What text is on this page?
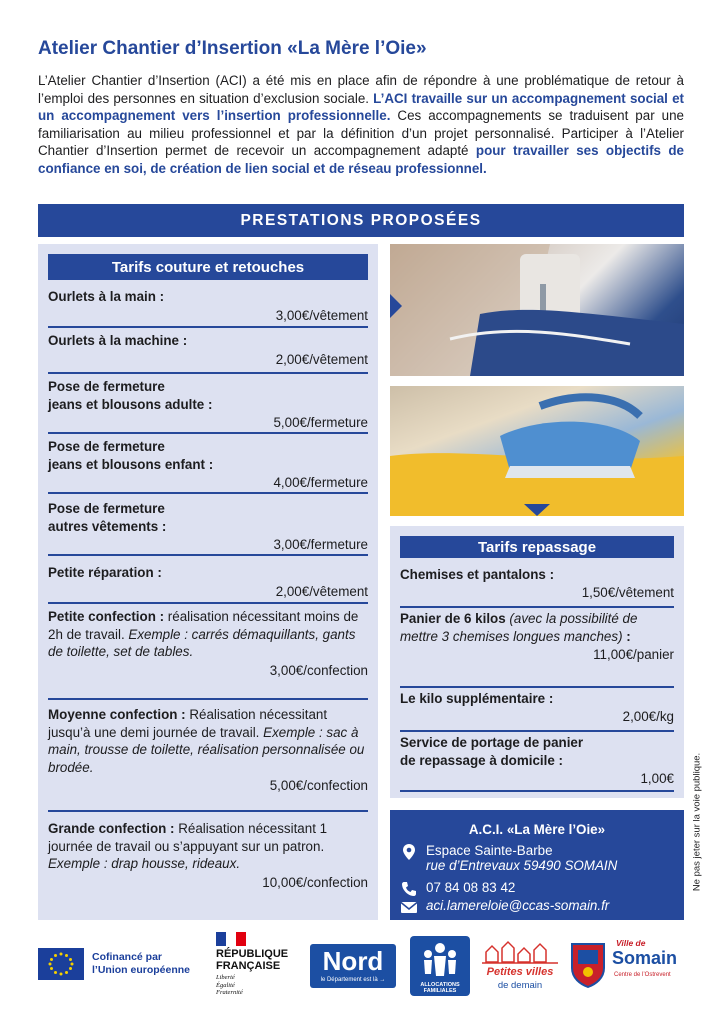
Atelier Chantier d’Insertion «La Mère l’Oie»

L’Atelier Chantier d’Insertion (ACI) a été mis en place afin de répondre à une problématique de retour à l’emploi des personnes en situation d’exclusion sociale. L’ACI travaille sur un accompagnement social et un accompagnement vers l’insertion professionnelle. Ces accompagnements se traduisent par une familiarisation au milieu professionnel et par la définition d’un projet personnalisé. Participer à l’Atelier Chantier d’Insertion permet de recevoir un accompagnement adapté pour travailler ses objectifs de confiance en soi, de création de lien social et de réseau professionnel.

PRESTATIONS PROPOSÉES
Tarifs couture et retouches
Ourlets à la main :
3,00€/vêtement
Ourlets à la machine :
2,00€/vêtement
Pose de fermeture
jeans et blousons adulte :
5,00€/fermeture
Pose de fermeture
jeans et blousons enfant :
4,00€/fermeture
Pose de fermeture
autres vêtements :
3,00€/fermeture
Petite réparation :
2,00€/vêtement
Petite confection : réalisation nécessitant moins de 2h de travail. Exemple : carrés démaquillants, gants de toilette, set de tables.
3,00€/confection
Moyenne confection : Réalisation nécessitant jusqu’à une demi journée de travail. Exemple : sac à main, trousse de toilette, réalisation personnalisée ou brodée.
5,00€/confection
Grande confection : Réalisation nécessitant 1 journée de travail ou s’appuyant sur un patron. Exemple : drap housse, rideaux.
10,00€/confection
Tarifs repassage
Chemises et pantalons :
1,50€/vêtement
Panier de 6 kilos (avec la possibilité de mettre 3 chemises longues manches) :
11,00€/panier
Le kilo supplémentaire :
2,00€/kg
Service de portage de panier
de repassage à domicile :
1,00€
A.C.I. «La Mère l’Oie»
Espace Sainte-Barbe
rue d’Entrevaux 59490 SOMAIN
07 84 08 83 42
aci.lamereloie@ccas-somain.fr
Ne pas jeter sur la voie publique.
Cofinancé par
l’Union européenne
RÉPUBLIQUE
FRANÇAISE
Liberté
Égalité
Fraternité
Nord
le Département est là →
ALLOCATIONS FAMILIALES
Petites villes
de demain
Ville de
Somain
Centre de l’Ostrevent
